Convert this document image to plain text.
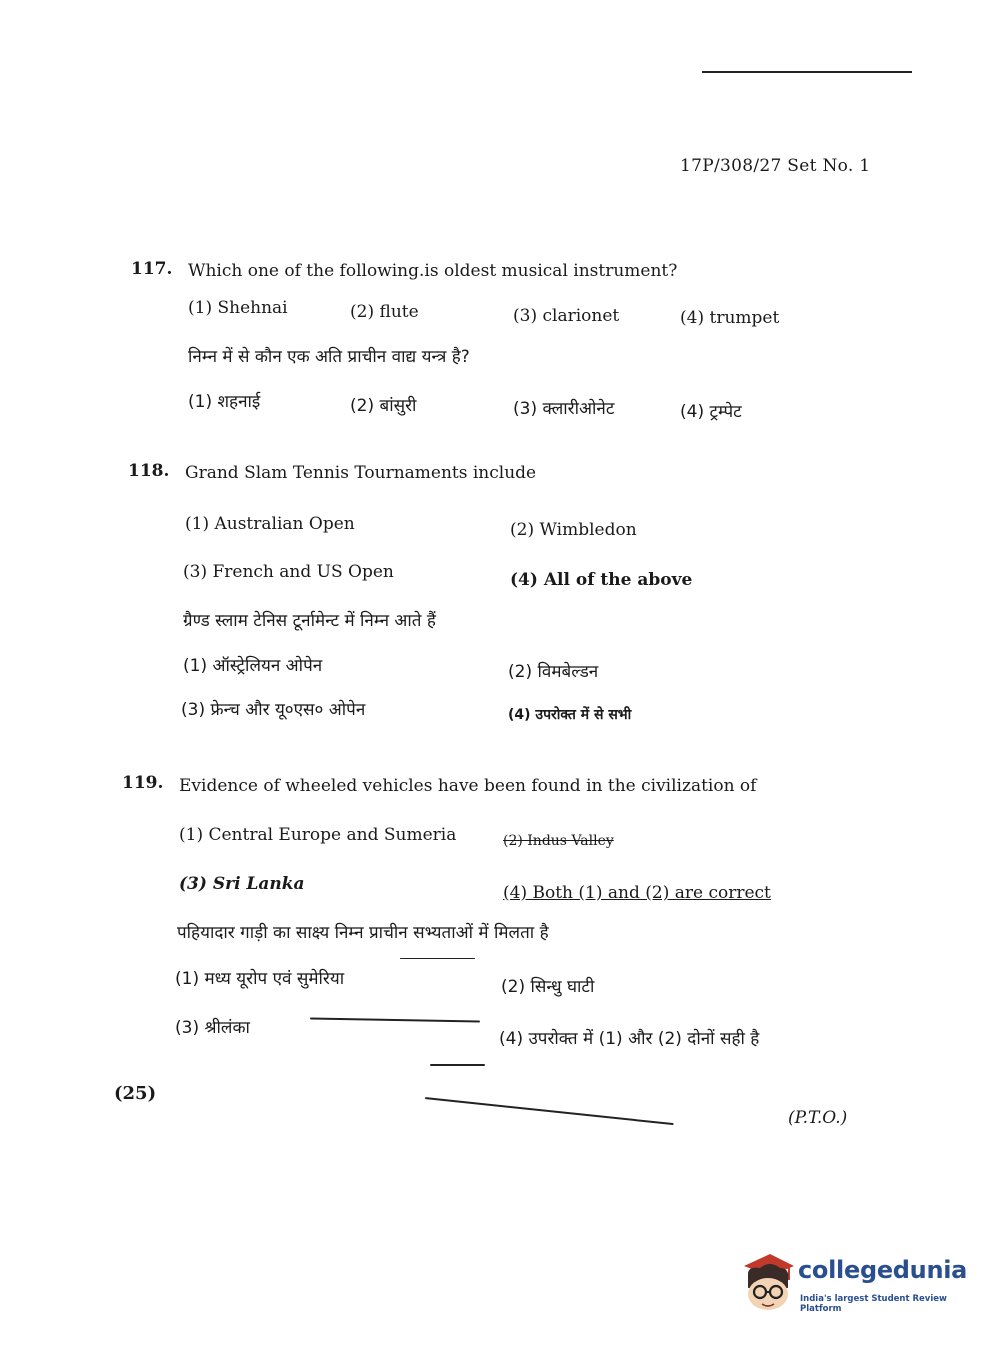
17P/308/27 Set No. 1
117. Which one of the following.is oldest musical instrument?
(1) Shehnai	(2) flute	(3) clarionet	(4) trumpet
निम्न में से कौन एक अति प्राचीन वाद्य यन्त्र है?
(1) शहनाई	(2) बांसुरी	(3) क्लारीओनेट	(4) ट्रम्पेट
118. Grand Slam Tennis Tournaments include
(1) Australian Open	(2) Wimbledon
(3) French and US Open	(4) All of the above
ग्रैण्ड स्लाम टेनिस टूर्नामेन्ट में निम्न आते हैं
(1) ऑस्ट्रेलियन ओपेन	(2) विमबेल्डन
(3) फ्रेन्च और यू०एस० ओपेन	(4) उपरोक्त में से सभी
119. Evidence of wheeled vehicles have been found in the civilization of
(1) Central Europe and Sumeria	(2) Indus Valley
(3) Sri Lanka	(4) Both (1) and (2) are correct
पहियादार गाड़ी का साक्ष्य निम्न प्राचीन सभ्यताओं में मिलता है
(1) मध्य यूरोप एवं सुमेरिया	(2) सिन्धु घाटी
(3) श्रीलंका
(4) उपरोक्त में (1) और (2) दोनों सही है
(25)
(P.T.O.)
collegedunia
India's largest Student Review Platform
